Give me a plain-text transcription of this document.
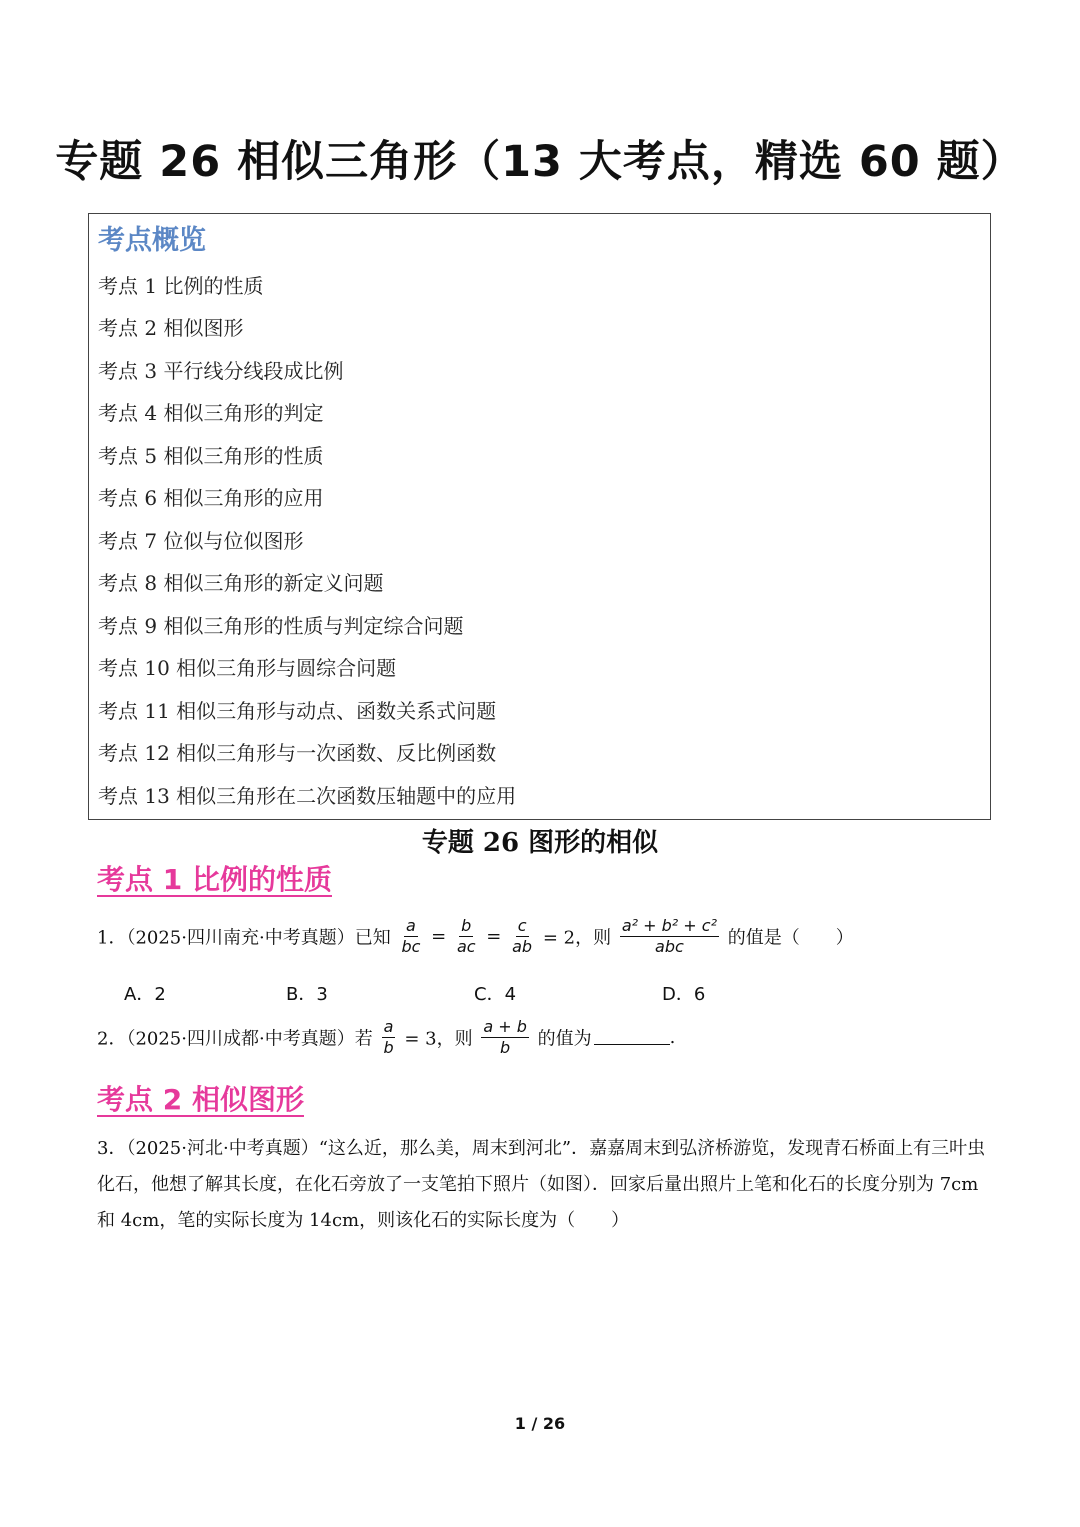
专题 26 相似三角形（13 大考点，精选 60 题）
考点概览
考点 1 比例的性质
考点 2 相似图形
考点 3 平行线分线段成比例
考点 4 相似三角形的判定
考点 5 相似三角形的性质
考点 6 相似三角形的应用
考点 7 位似与位似图形
考点 8 相似三角形的新定义问题
考点 9 相似三角形的性质与判定综合问题
考点 10 相似三角形与圆综合问题
考点 11 相似三角形与动点、函数关系式问题
考点 12 相似三角形与一次函数、反比例函数
考点 13 相似三角形在二次函数压轴题中的应用
专题 26 图形的相似
考点 1 比例的性质
1．（2025·四川南充·中考真题）已知 $\frac{a}{bc} = \frac{b}{ac} = \frac{c}{ab} = 2$，则 $\frac{\text{a² + b² + c²}}{\text{abc}}$ 的值是（　　）
A．2	B．3	C．4	D．6
2．（2025·四川成都·中考真题）若 $\frac{a}{b} = 3$，则 $\frac{a + b}{b}$ 的值为	.
考点 2 相似图形
3．（2025·河北·中考真题）“这么近，那么美，周末到河北”．嘉嘉周末到弘济桥游览，发现青石桥面上有三叶虫化石，他想了解其长度，在化石旁放了一支笔拍下照片（如图）．回家后量出照片上笔和化石的长度分别为 7cm 和 4cm，笔的实际长度为 14cm，则该化石的实际长度为（　　）
1 / 26
